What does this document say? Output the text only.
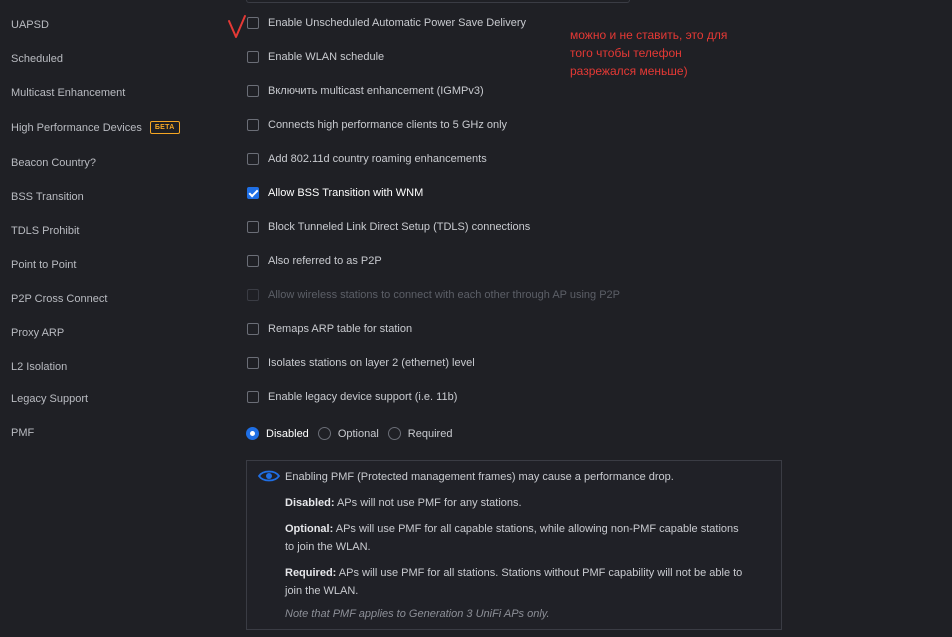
UAPSD	Enable Unscheduled Automatic Power Save Delivery
Scheduled	Enable WLAN schedule
Multicast Enhancement	Включить multicast enhancement (IGMPv3)
High Performance Devices	БЕТА	Connects high performance clients to 5 GHz only
Beacon Country?	Add 802.11d country roaming enhancements
BSS Transition	Allow BSS Transition with WNM
TDLS Prohibit	Block Tunneled Link Direct Setup (TDLS) connections
Point to Point	Also referred to as P2P
P2P Cross Connect	Allow wireless stations to connect with each other through AP using P2P
Proxy ARP	Remaps ARP table for station
L2 Isolation	Isolates stations on layer 2 (ethernet) level
Legacy Support	Enable legacy device support (i.e. 11b)
PMF	Disabled	Optional	Required
Enabling PMF (Protected management frames) may cause a performance drop.
Disabled: APs will not use PMF for any stations.
Optional: APs will use PMF for all capable stations, while allowing non-PMF capable stations
to join the WLAN.
Required: APs will use PMF for all stations. Stations without PMF capability will not be able to
join the WLAN.
Note that PMF applies to Generation 3 UniFi APs only.
можно и не ставить, это для
того чтобы телефон
разрежался меньше)
